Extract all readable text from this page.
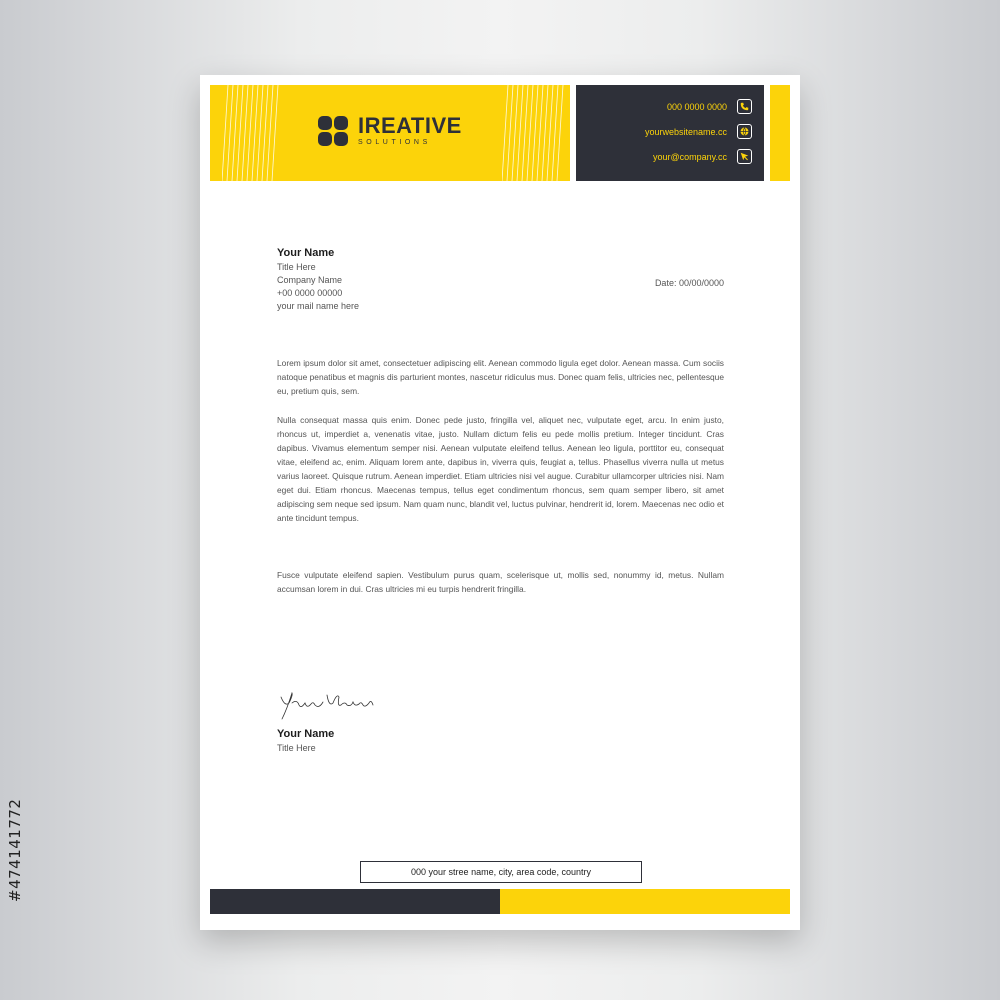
#474141772
IREATIVE
SOLUTIONS
000 0000 0000
yourwebsitename.cc
your@company.cc
Your Name
Title Here
Company Name
+00 0000 00000
your mail name here
Date: 00/00/0000

Lorem ipsum dolor sit amet, consectetuer adipiscing elit. Aenean commodo ligula eget dolor. Aenean massa. Cum sociis natoque penatibus et magnis dis parturient montes, nascetur ridiculus mus. Donec quam felis, ultricies nec, pellentesque eu, pretium quis, sem.

Nulla consequat massa quis enim. Donec pede justo, fringilla vel, aliquet nec, vulputate eget, arcu. In enim justo, rhoncus ut, imperdiet a, venenatis vitae, justo. Nullam dictum felis eu pede mollis pretium. Integer tincidunt. Cras dapibus. Vivamus elementum semper nisi. Aenean vulputate eleifend tellus. Aenean leo ligula, porttitor eu, consequat vitae, eleifend ac, enim. Aliquam lorem ante, dapibus in, viverra quis, feugiat a, tellus. Phasellus viverra nulla ut metus varius laoreet. Quisque rutrum. Aenean imperdiet. Etiam ultricies nisi vel augue. Curabitur ullamcorper ultricies nisi. Nam eget dui. Etiam rhoncus. Maecenas tempus, tellus eget condimentum rhoncus, sem quam semper libero, sit amet adipiscing sem neque sed ipsum. Nam quam nunc, blandit vel, luctus pulvinar, hendrerit id, lorem. Maecenas nec odio et ante tincidunt tempus.

Fusce vulputate eleifend sapien. Vestibulum purus quam, scelerisque ut, mollis sed, nonummy id, metus. Nullam accumsan lorem in dui. Cras ultricies mi eu turpis hendrerit fringilla.

Your Name
Title Here
000 your stree name, city, area code, country
